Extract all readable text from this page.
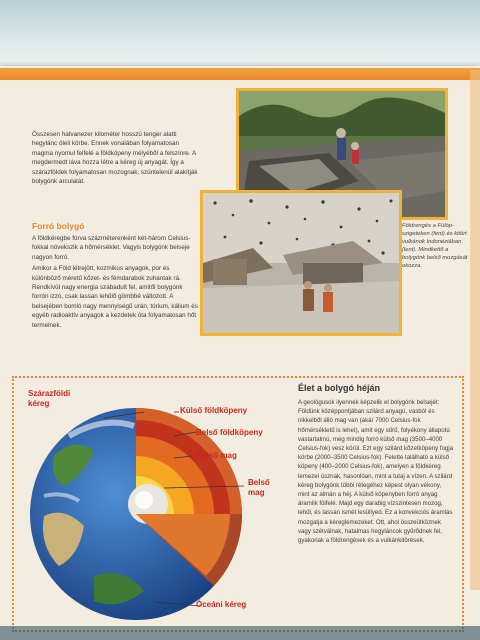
Összesen hatvanezer kilométer hosszú tenger alatti hegylánc öleli körbe. Ennek vonalában folyamatosan magma nyomul felfelé a földköpeny mélyéből a felszínre. A megdermedt láva hozza létre a kéreg új anyagát. Így a szárazföldek folyamatosan mozognak, szüntelenül alakítják bolygónk arculatát.

Forró bolygó

A földkéregbe fúrva százméterenként két-három Celsius-fokkal növekszik a hőmérséklet. Vagyis bolygónk belseje nagyon forró.

Amikor a Föld létrejött, kozmikus anyagok, por és különböző méretű kőzet- és fémdarabok zuhantak rá. Rendkívül nagy energia szabadult fel, amitől bolygónk forrón izzó, csak lassan lehűlő gömbbé változott. A belsejében bomló nagy mennyiségű urán, tórium, kálium és egyéb radioaktív anyagok a kezdetek óta folyamatosan hőt termelnek.

Földrengés a Fülöp-szigeteken (fent) és kitört vulkánok Indonéziában (lent). Mindkettő a bolygónk belső mozgását okozza.
Szárazföldi kéreg
Külső földköpeny
Belső földköpeny
Külső mag
Belső mag
Óceáni kéreg
Élet a bolygó héján
A geológusok ilyennek képzelik el bolygónk belsejét: Földünk középpontjában szilárd anyagú, vasból és nikkelből álló mag van (akár 7000 Celsius-fok hőmérsékletű is lehet), amit egy sűrű, folyékony állapotú vastartalmú, még mindig forró külső mag (3500–4000 Celsius-fok) vesz körül. Ezt egy szilárd kőzetköpeny fogja körbe (2000–3500 Celsius-fok). Felette található a külső köpeny (400–2000 Celsius-fok), amelyen a földkéreg lemezei úsznak, hasonlóan, mint a tutaj a vízen. A szilárd kéreg bolygónk többi rétegéhez képest olyan vékony, mint az almán a héj. A külső köpenyben forró anyag áramlik fölfelé. Majd egy darabig vízszintesen mozog, lehűl, és lassan ismét lesüllyed. Ez a konvekciós áramlás mozgatja a kéreglemezeket. Ott, ahol összeütköznek vagy szétválnak, hatalmas hegyláncok gyűrődnek fel, gyakoriak a földrengések és a vulkánkitörések.
